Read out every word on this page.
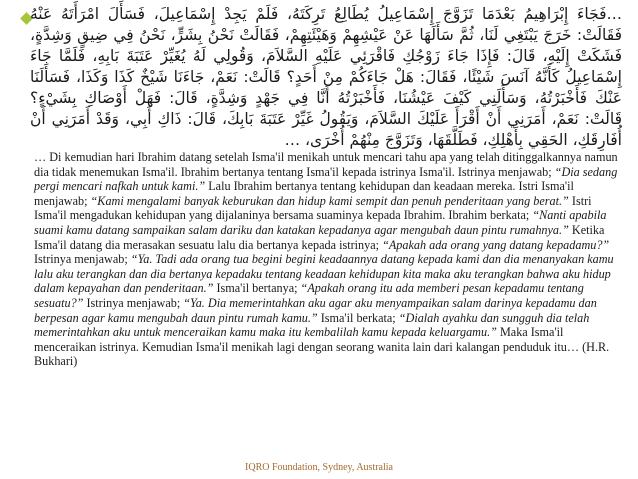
…فَجَاءَ إِبْرَاهِيمُ بَعْدَمَا تَزَوَّجَ إِسْمَاعِيلُ يُطَالِعُ تَرِكَتَهُ، فَلَمْ يَجِدْ إِسْمَاعِيلَ، فَسَأَلَ امْرَأَتَهُ عَنْهُ فَقَالَتْ: خَرَجَ يَبْتَغِي لَنَا، ثُمَّ سَأَلَهَا عَنْ عَيْشِهِمْ وَهَيْئَتِهِمْ، فَقَالَتْ نَحْنُ بِشَرٍّ، نَحْنُ فِي ضِيقٍ وَشِدَّةٍ، فَشَكَتْ إِلَيْهِ، قَالَ: فَإِذَا جَاءَ زَوْجُكِ فَاقْرَئِي عَلَيْهِ السَّلاَمَ، وَقُولِي لَهُ يُغَيِّرْ عَتَبَةَ بَابِهِ، فَلَمَّا جَاءَ إِسْمَاعِيلُ كَأَنَّهُ آنَسَ شَيْئًا، فَقَالَ: هَلْ جَاءَكُمْ مِنْ أَحَدٍ؟ قَالَتْ: نَعَمْ، جَاءَنَا شَيْخٌ كَذَا وَكَذَا، فَسَأَلَنَا عَنْكَ فَأَخْبَرْتُهُ، وَسَأَلَنِي كَيْفَ عَيْشُنَا، فَأَخْبَرْتُهُ أَنَّا فِي جَهْدٍ وَشِدَّةٍ، قَالَ: فَهَلْ أَوْصَاكِ بِشَيْءٍ؟ قَالَتْ: نَعَمْ، أَمَرَنِي أَنْ أَقْرَأَ عَلَيْكَ السَّلاَمَ، وَيَقُولُ غَيِّرْ عَتَبَةَ بَابِكَ، قَالَ: ذَاكِ أَبِي، وَقَدْ أَمَرَنِي أَنْ أُفَارِقَكِ، الحَقِي بِأَهْلِكِ، فَطَلَّقَهَا، وَتَزَوَّجَ مِنْهُمْ أُخْرَى، …
… Di kemudian hari Ibrahim datang setelah Isma'il menikah untuk mencari tahu apa yang telah ditinggalkannya namun dia tidak menemukan Isma'il. Ibrahim bertanya tentang Isma'il kepada istrinya Isma'il. Istrinya menjawab; “Dia sedang pergi mencari nafkah untuk kami.” Lalu Ibrahim bertanya tentang kehidupan dan keadaan mereka. Istri Isma'il menjawab; “Kami mengalami banyak keburukan dan hidup kami sempit dan penuh penderitaan yang berat.” Istri Isma'il mengadukan kehidupan yang dijalaninya bersama suaminya kepada Ibrahim. Ibrahim berkata; “Nanti apabila suami kamu datang sampaikan salam dariku dan katakan kepadanya agar mengubah daun pintu rumahnya.” Ketika Isma'il datang dia merasakan sesuatu lalu dia bertanya kepada istrinya; “Apakah ada orang yang datang kepadamu?” Istrinya menjawab; “Ya. Tadi ada orang tua begini begini keadaannya datang kepada kami dan dia menanyakan kamu lalu aku terangkan dan dia bertanya kepadaku tentang keadaan kehidupan kita maka aku terangkan bahwa aku hidup dalam kepayahan dan penderitaan.” Isma'il bertanya; “Apakah orang itu ada memberi pesan kepadamu tentang sesuatu?” Istrinya menjawab; “Ya. Dia memerintahkan aku agar aku menyampaikan salam darinya kepadamu dan berpesan agar kamu mengubah daun pintu rumah kamu.” Isma'il berkata; “Dialah ayahku dan sungguh dia telah memerintahkan aku untuk menceraikan kamu maka itu kembalilah kamu kepada keluargamu.” Maka Isma'il menceraikan istrinya. Kemudian Isma'il menikah lagi dengan seorang wanita lain dari kalangan penduduk itu… (H.R. Bukhari)
IQRO Foundation, Sydney, Australia
